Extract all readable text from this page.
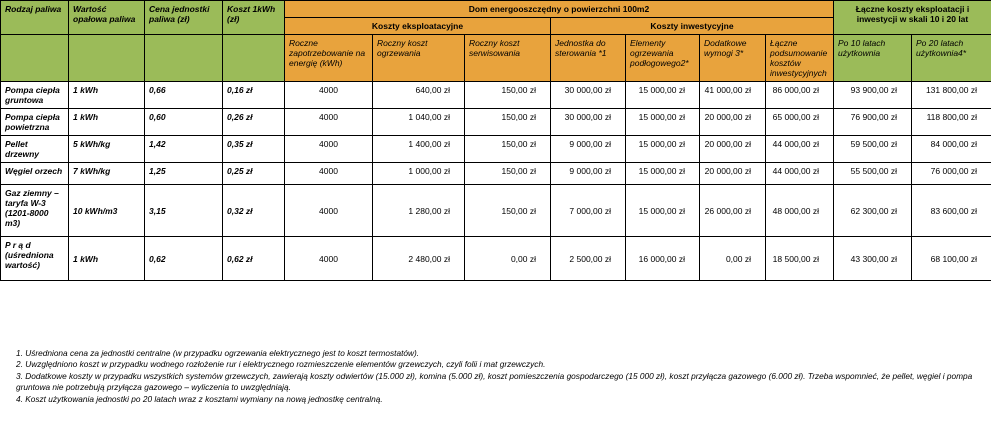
Rodzaj paliwa	Wartość opałowa paliwa	Cena jednostki paliwa (zł)	Koszt 1kWh (zł)	Dom energooszczędny o powierzchni 100m2							Łączne koszty eksploatacji i inwestycji w skali 10 i 20 lat	
				Koszty eksploatacyjne			Koszty inwestycyjne					
				Roczne zapotrzebowanie na energię (kWh)	Roczny koszt ogrzewania	Roczny koszt serwisowania	Jednostka do sterowania *1	Elementy ogrzewania podłogowego2*	Dodatkowe wymogi 3*	Łączne podsumowanie kosztów inwestycyjnych	Po 10 latach użytkownia	Po 20 latach użytkownia4*
Pompa ciepła gruntowa	1 kWh	0,66	0,16 zł	4000	640,00 zł	150,00 zł	30 000,00 zł	15 000,00 zł	41 000,00 zł	86 000,00 zł	93 900,00 zł	131 800,00 zł
Pompa ciepła powietrzna	1 kWh	0,60	0,26 zł	4000	1 040,00 zł	150,00 zł	30 000,00 zł	15 000,00 zł	20 000,00 zł	65 000,00 zł	76 900,00 zł	118 800,00 zł
Pellet drzewny	5 kWh/kg	1,42	0,35 zł	4000	1 400,00 zł	150,00 zł	9 000,00 zł	15 000,00 zł	20 000,00 zł	44 000,00 zł	59 500,00 zł	84 000,00 zł
Węgiel orzech	7 kWh/kg	1,25	0,25 zł	4000	1 000,00 zł	150,00 zł	9 000,00 zł	15 000,00 zł	20 000,00 zł	44 000,00 zł	55 500,00 zł	76 000,00 zł
Gaz ziemny – taryfa W-3 (1201-8000 m3)	10 kWh/m3	3,15	0,32 zł	4000	1 280,00 zł	150,00 zł	7 000,00 zł	15 000,00 zł	26 000,00 zł	48 000,00 zł	62 300,00 zł	83 600,00 zł
P r ą d (uśredniona wartość)	1 kWh	0,62	0,62 zł	4000	2 480,00 zł	0,00 zł	2 500,00 zł	16 000,00 zł	0,00 zł	18 500,00 zł	43 300,00 zł	68 100,00 zł

1. Uśredniona cena za jednostki centralne (w przypadku ogrzewania elektrycznego jest to koszt termostatów).

2. Uwzględniono koszt w przypadku wodnego rozłożenie rur i elektrycznego rozmieszczenie elementów grzewczych, czyli folii i mat grzewczych.

3. Dodatkowe koszty w przypadku wszystkich systemów grzewczych, zawierają koszty odwiertów (15.000 zł), komina (5.000 zł), koszt pomieszczenia gospodarczego (15 000 zł), koszt przyłącza gazowego (6.000 zł). Trzeba wspomnieć, że pellet, węgiel i pompa gruntowa nie potrzebują przyłącza gazowego – wyliczenia to uwzględniają.

4. Koszt użytkowania jednostki po 20 latach wraz z kosztami wymiany na nową jednostkę centralną.
